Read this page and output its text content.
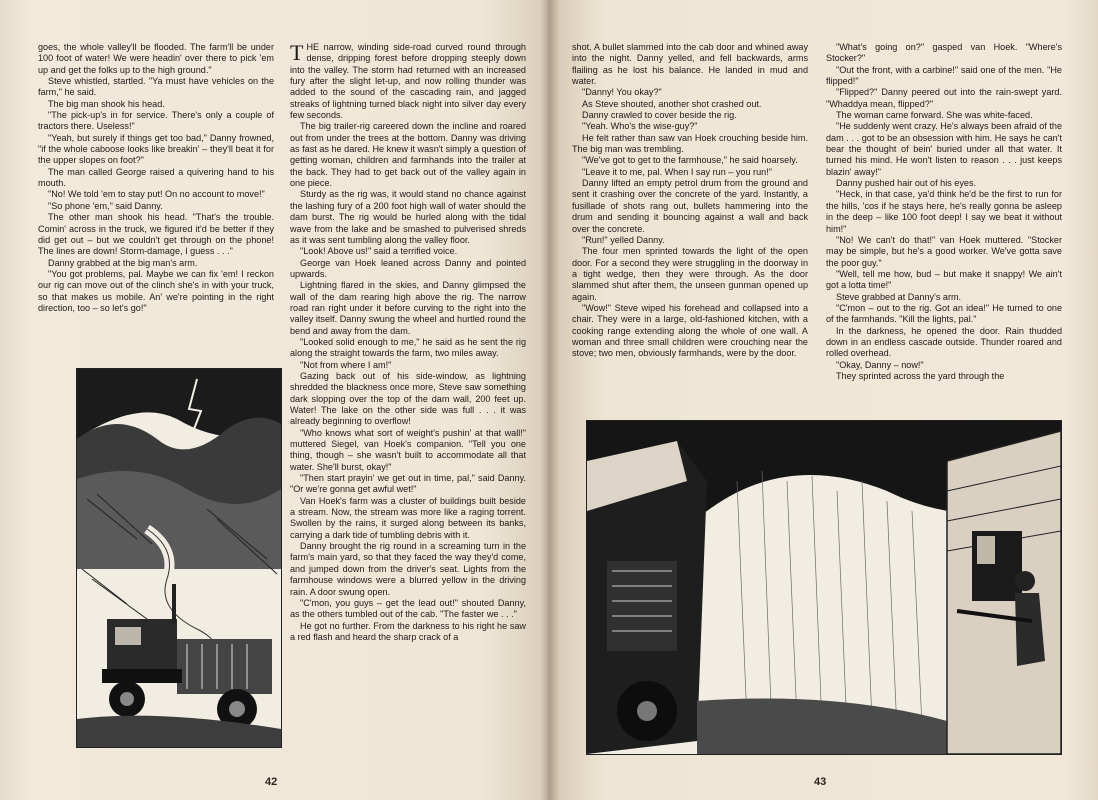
goes, the whole valley'll be flooded. The farm'll be under 100 foot of water! We were headin' over there to pick 'em up and get the folks up to the high ground."

Steve whistled, startled. "Ya must have vehicles on the farm," he said.

The big man shook his head.

"The pick-up's in for service. There's only a couple of tractors there. Useless!"

"Yeah, but surely if things get too bad," Danny frowned, "if the whole caboose looks like breakin' – they'll beat it for the upper slopes on foot?"

The man called George raised a quivering hand to his mouth.

"No! We told 'em to stay put! On no account to move!"

"So phone 'em," said Danny.

The other man shook his head. "That's the trouble. Comin' across in the truck, we figured it'd be better if they did get out – but we couldn't get through on the phone! The lines are down! Storm-damage, I guess . . ."

Danny grabbed at the big man's arm.

"You got problems, pal. Maybe we can fix 'em! I reckon our rig can move out of the clinch she's in with your truck, so that makes us mobile. An' we're pointing in the right direction, too – so let's go!"

THE narrow, winding side-road curved round through dense, dripping forest before dropping steeply down into the valley. The storm had returned with an increased fury after the slight let-up, and now rolling thunder was added to the sound of the cascading rain, and jagged streaks of lightning turned black night into silver day every few seconds.

The big trailer-rig careered down the incline and roared out from under the trees at the bottom. Danny was driving as fast as he dared. He knew it wasn't simply a question of getting woman, children and farmhands into the trailer at the back. They had to get back out of the valley again in one piece.

Sturdy as the rig was, it would stand no chance against the lashing fury of a 200 foot high wall of water should the dam burst. The rig would be hurled along with the tidal wave from the lake and be smashed to pulverised shreds as it was sent tumbling along the valley floor.

"Look! Above us!" said a terrified voice.

George van Hoek leaned across Danny and pointed upwards.

Lightning flared in the skies, and Danny glimpsed the wall of the dam rearing high above the rig. The narrow road ran right under it before curving to the right into the valley itself. Danny swung the wheel and hurtled round the bend and away from the dam.

"Looked solid enough to me," he said as he sent the rig along the straight towards the farm, two miles away.

"Not from where I am!"

Gazing back out of his side-window, as lightning shredded the blackness once more, Steve saw something dark slopping over the top of the dam wall, 200 feet up. Water! The lake on the other side was full . . . it was already beginning to overflow!

"Who knows what sort of weight's pushin' at that wall!" muttered Siegel, van Hoek's companion. "Tell you one thing, though – she wasn't built to accommodate all that water. She'll burst, okay!"

"Then start prayin' we get out in time, pal," said Danny. "Or we're gonna get awful wet!"

Van Hoek's farm was a cluster of buildings built beside a stream. Now, the stream was more like a raging torrent. Swollen by the rains, it surged along between its banks, carrying a dark tide of tumbling debris with it.

Danny brought the rig round in a screaming turn in the farm's main yard, so that they faced the way they'd come, and jumped down from the driver's seat. Lights from the farmhouse windows were a blurred yellow in the driving rain. A door swung open.

"C'mon, you guys – get the lead out!" shouted Danny, as the others tumbled out of the cab. "The faster we . . ."

He got no further. From the darkness to his right he saw a red flash and heard the sharp crack of a

42

shot. A bullet slammed into the cab door and whined away into the night. Danny yelled, and fell backwards, arms flailing as he lost his balance. He landed in mud and water.

"Danny! You okay?"

As Steve shouted, another shot crashed out.

Danny crawled to cover beside the rig.

"Yeah. Who's the wise-guy?"

He felt rather than saw van Hoek crouching beside him. The big man was trembling.

"We've got to get to the farmhouse," he said hoarsely.

"Leave it to me, pal. When I say run – you run!"

Danny lifted an empty petrol drum from the ground and sent it crashing over the concrete of the yard. Instantly, a fusillade of shots rang out, bullets hammering into the drum and sending it bouncing against a wall and back over the concrete.

"Run!" yelled Danny.

The four men sprinted towards the light of the open door. For a second they were struggling in the doorway in a tight wedge, then they were through. As the door slammed shut after them, the unseen gunman opened up again.

"Wow!" Steve wiped his forehead and collapsed into a chair. They were in a large, old-fashioned kitchen, with a cooking range extending along the whole of one wall. A woman and three small children were crouching near the stove; two men, obviously farmhands, were by the door.

"What's going on?" gasped van Hoek. "Where's Stocker?"

"Out the front, with a carbine!" said one of the men. "He flipped!"

"Flipped?" Danny peered out into the rain-swept yard. "Whaddya mean, flipped?"

The woman came forward. She was white-faced.

"He suddenly went crazy. He's always been afraid of the dam . . . got to be an obsession with him. He says he can't bear the thought of bein' buried under all that water. It turned his mind. He won't listen to reason . . . just keeps blazin' away!"

Danny pushed hair out of his eyes.

"Heck, in that case, ya'd think he'd be the first to run for the hills, 'cos if he stays here, he's really gonna be asleep in the deep – like 100 foot deep! I say we beat it without him!"

"No! We can't do that!" van Hoek muttered. "Stocker may be simple, but he's a good worker. We've gotta save the poor guy."

"Well, tell me how, bud – but make it snappy! We ain't got a lotta time!"

Steve grabbed at Danny's arm.

"C'mon – out to the rig. Got an idea!" He turned to one of the farmhands. "Kill the lights, pal."

In the darkness, he opened the door. Rain thudded down in an endless cascade outside. Thunder roared and rolled overhead.

"Okay, Danny – now!"

They sprinted across the yard through the

43
